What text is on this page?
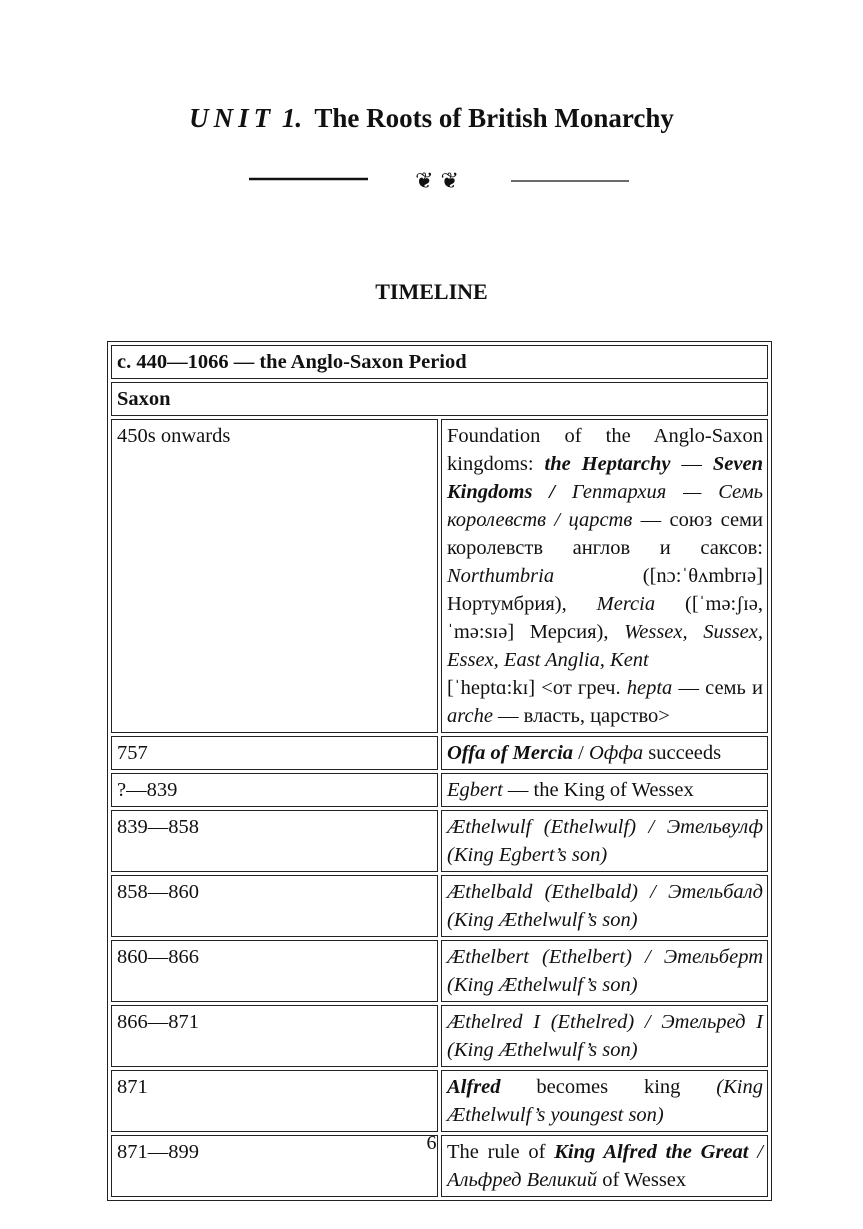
UNIT 1. The Roots of British Monarchy
❦ ❦
TIMELINE
c. 440—1066 — the Anglo-Saxon Period	
Saxon	
450s onwards	Foundation of the Anglo-Saxon kingdoms: the Heptarchy — Seven Kingdoms / Гептархия — Семь королевств / царств — союз семи королевств англов и саксов: Northumbria ([nɔ:ˈθʌmbrɪə] Нортумбрия), Mercia ([ˈmə:ʃɪə, ˈmə:sɪə] Мерсия), Wessex, Sussex, Essex, East Anglia, Kent
[ˈheptɑ:kɪ] <от греч. hepta — семь и arche — власть, царство>
757	Offa of Mercia / Оффа succeeds
?—839	Egbert — the King of Wessex
839—858	Æthelwulf (Ethelwulf) / Этельвулф (King Egbert’s son)
858—860	Æthelbald (Ethelbald) / Этельбалд (King Æthelwulf’s son)
860—866	Æthelbert (Ethelbert) / Этельберт (King Æthelwulf’s son)
866—871	Æthelred I (Ethelred) / Этельред I (King Æthelwulf’s son)
871	Alfred becomes king (King Æthelwulf’s youngest son)
871—899	The rule of King Alfred the Great / Альфред Великий of Wessex
6
